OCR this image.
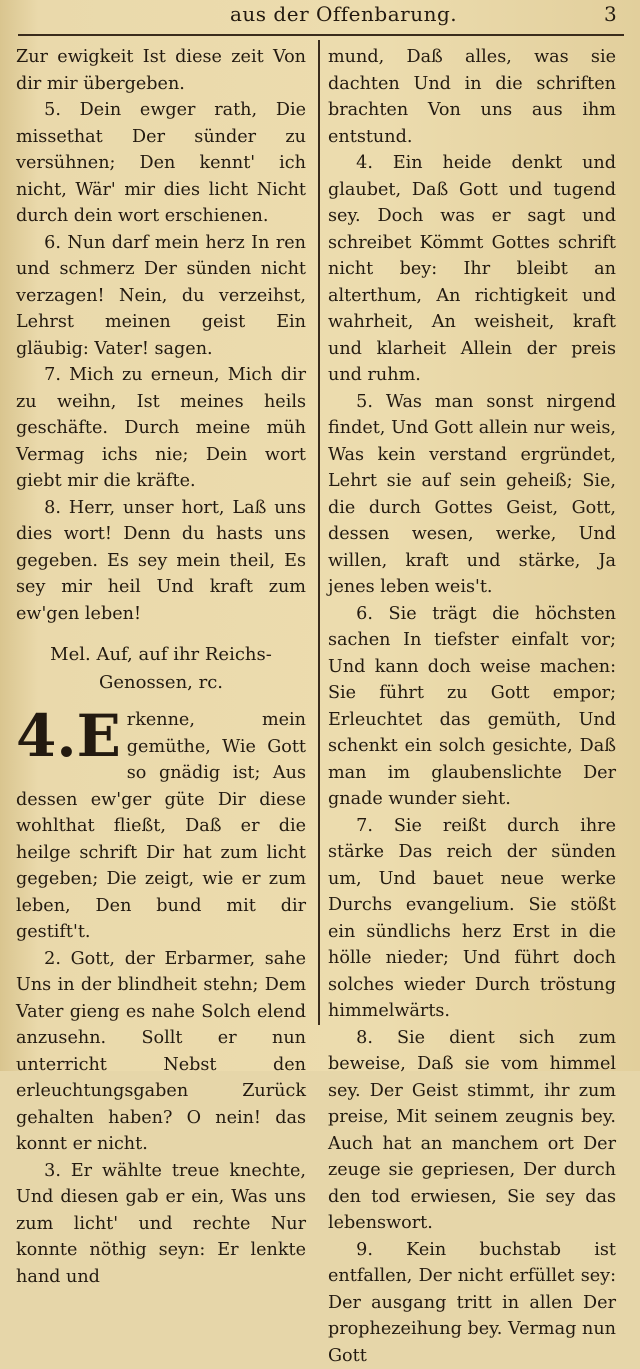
aus der Offenbarung.	3

Zur ewigkeit Ist diese zeit Von dir mir übergeben.

5. Dein ewger rath, Die missethat Der sünder zu versühnen; Den kennt' ich nicht, Wär' mir dies licht Nicht durch dein wort erschienen.

6. Nun darf mein herz In ren und schmerz Der sünden nicht verzagen! Nein, du verzeihst, Lehrst meinen geist Ein gläubig: Vater! sagen.

7. Mich zu erneun, Mich dir zu weihn, Ist meines heils geschäfte. Durch meine müh Vermag ichs nie; Dein wort giebt mir die kräfte.

8. Herr, unser hort, Laß uns dies wort! Denn du hasts uns gegeben. Es sey mein theil, Es sey mir heil Und kraft zum ew'gen leben!

Mel. Auf, auf ihr Reichs-Genossen, rc.
4.E rkenne, mein gemüthe, Wie Gott so gnädig ist; Aus dessen ew'ger güte Dir diese wohlthat fließt, Daß er die heilge schrift Dir hat zum licht gegeben; Die zeigt, wie er zum leben, Den bund mit dir gestift't.

2. Gott, der Erbarmer, sahe Uns in der blindheit stehn; Dem Vater gieng es nahe Solch elend anzusehn. Sollt er nun unterricht Nebst den erleuchtungsgaben Zurück gehalten haben? O nein! das konnt er nicht.

3. Er wählte treue knechte, Und diesen gab er ein, Was uns zum licht' und rechte Nur konnte nöthig seyn: Er lenkte hand und

mund, Daß alles, was sie dachten Und in die schriften brachten Von uns aus ihm entstund.

4. Ein heide denkt und glaubet, Daß Gott und tugend sey. Doch was er sagt und schreibet Kömmt Gottes schrift nicht bey: Ihr bleibt an alterthum, An richtigkeit und wahrheit, An weisheit, kraft und klarheit Allein der preis und ruhm.

5. Was man sonst nirgend findet, Und Gott allein nur weis, Was kein verstand ergründet, Lehrt sie auf sein geheiß; Sie, die durch Gottes Geist, Gott, dessen wesen, werke, Und willen, kraft und stärke, Ja jenes leben weis't.

6. Sie trägt die höchsten sachen In tiefster einfalt vor; Und kann doch weise machen: Sie führt zu Gott empor; Erleuchtet das gemüth, Und schenkt ein solch gesichte, Daß man im glaubenslichte Der gnade wunder sieht.

7. Sie reißt durch ihre stärke Das reich der sünden um, Und bauet neue werke Durchs evangelium. Sie stößt ein sündlichs herz Erst in die hölle nieder; Und führt doch solches wieder Durch tröstung himmelwärts.

8. Sie dient sich zum beweise, Daß sie vom himmel sey. Der Geist stimmt, ihr zum preise, Mit seinem zeugnis bey. Auch hat an manchem ort Der zeuge sie gepriesen, Der durch den tod erwiesen, Sie sey das lebenswort.

9. Kein buchstab ist entfallen, Der nicht erfüllet sey: Der ausgang tritt in allen Der prophezeihung bey. Vermag nun Gott
